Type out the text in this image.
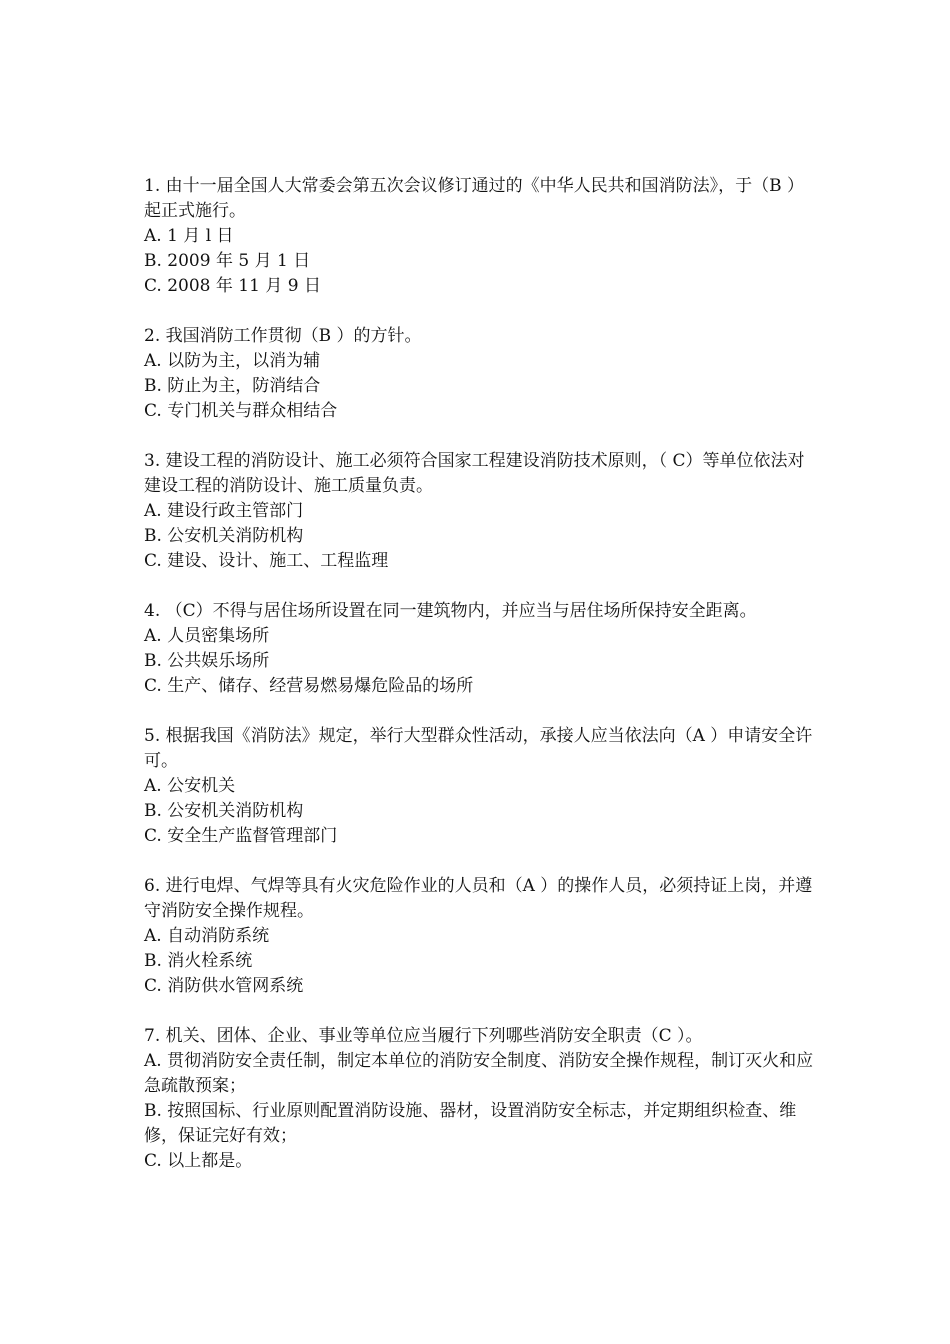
1. 由十一届全国人大常委会第五次会议修订通过的《中华人民共和国消防法》，于（B ）起正式施行。
A. 1 月 l 日
B. 2009 年 5 月 1 日
C. 2008 年 11 月 9 日
2. 我国消防工作贯彻（B ）的方针。
A. 以防为主，以消为辅
B. 防止为主，防消结合
C. 专门机关与群众相结合
3. 建设工程的消防设计、施工必须符合国家工程建设消防技术原则，（ C）等单位依法对建设工程的消防设计、施工质量负责。
A. 建设行政主管部门
B. 公安机关消防机构
C. 建设、设计、施工、工程监理
4. （C）不得与居住场所设置在同一建筑物内，并应当与居住场所保持安全距离。
A. 人员密集场所
B. 公共娱乐场所
C. 生产、储存、经营易燃易爆危险品的场所
5. 根据我国《消防法》规定，举行大型群众性活动，承接人应当依法向（A ）申请安全许可。
A. 公安机关
B. 公安机关消防机构
C. 安全生产监督管理部门
6. 进行电焊、气焊等具有火灾危险作业的人员和（A ）的操作人员，必须持证上岗，并遵守消防安全操作规程。
A. 自动消防系统
B. 消火栓系统
C. 消防供水管网系统
7. 机关、团体、企业、事业等单位应当履行下列哪些消防安全职责（C ）。
A. 贯彻消防安全责任制，制定本单位的消防安全制度、消防安全操作规程，制订灭火和应急疏散预案；
B. 按照国标、行业原则配置消防设施、器材，设置消防安全标志，并定期组织检查、维修，保证完好有效；
C. 以上都是。
